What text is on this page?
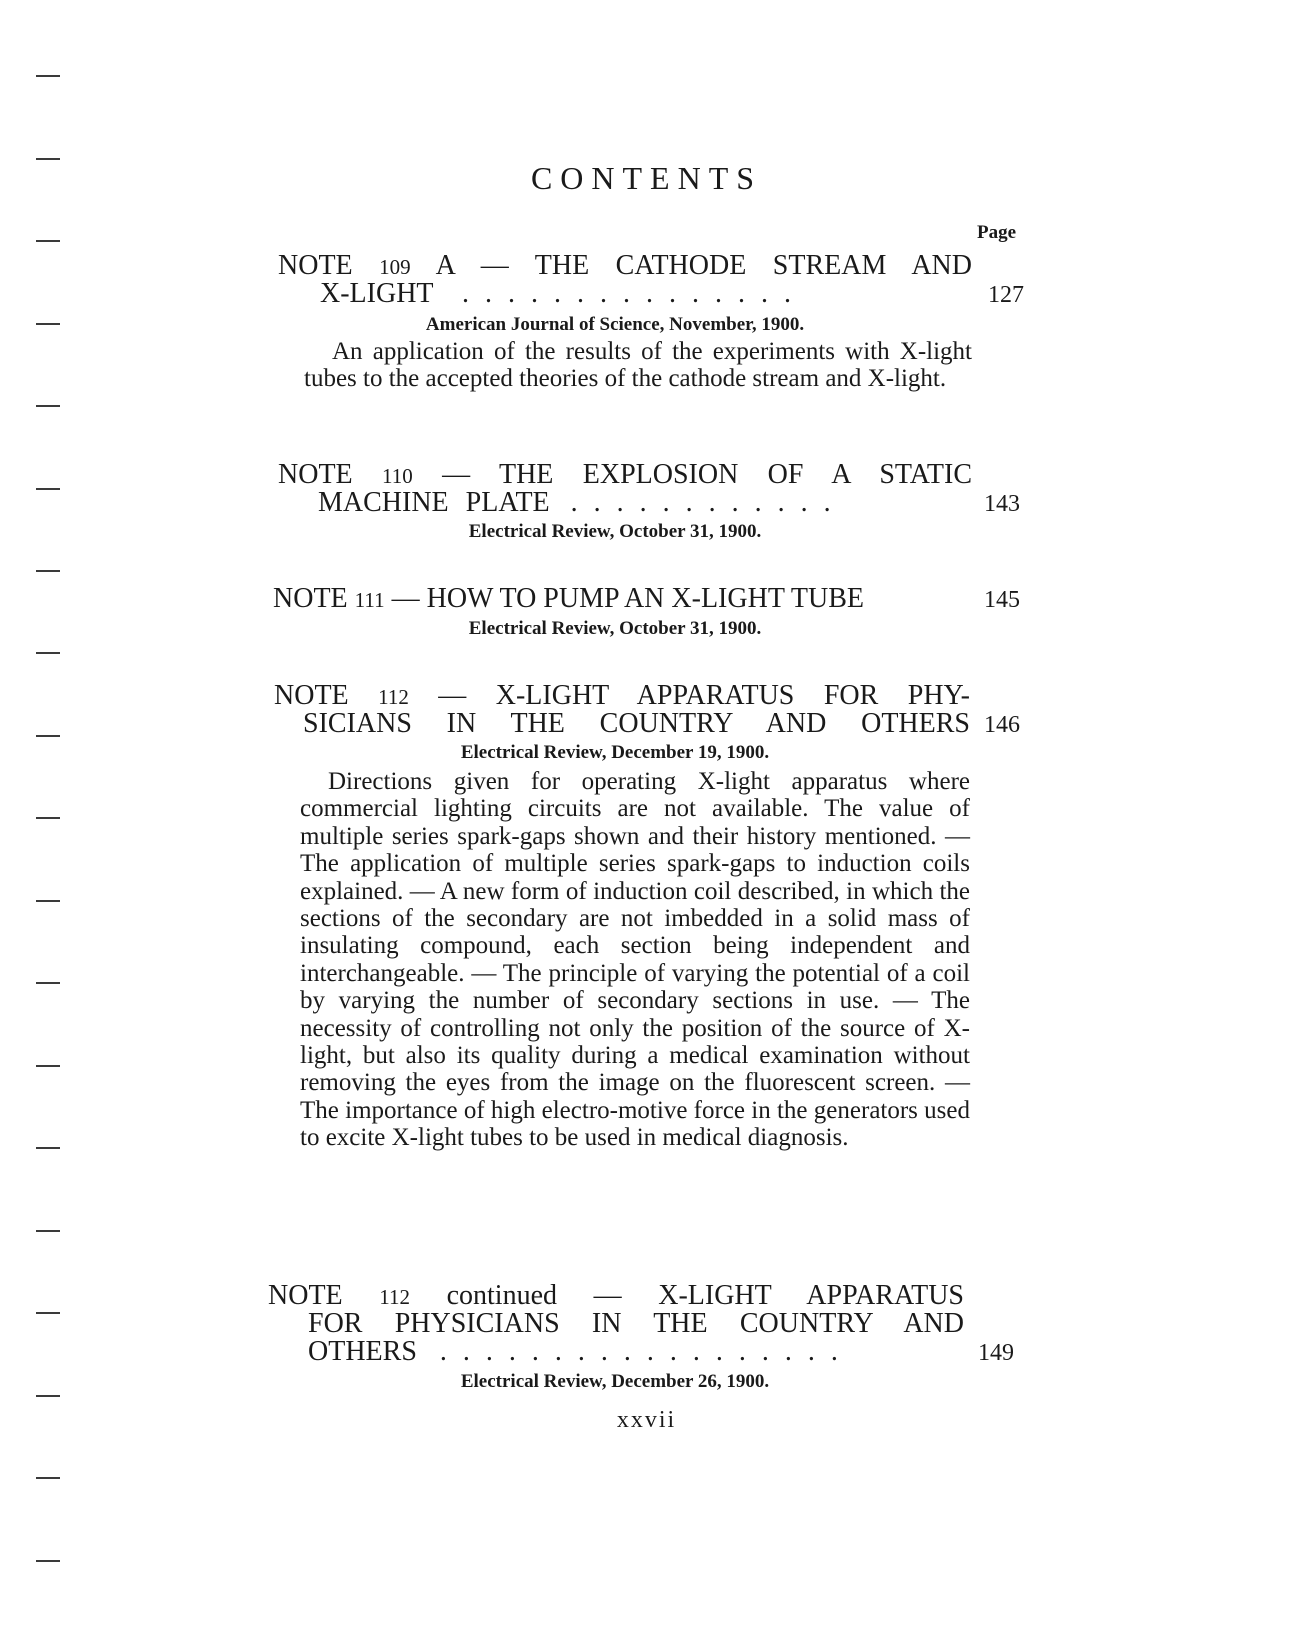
CONTENTS
Page
NOTE 109 A — THE CATHODE STREAM AND
X-LIGHT ...............	127
American Journal of Science, November, 1900.

An application of the results of the experiments with X-light tubes to the accepted theories of the cathode stream and X-light.

NOTE 110 — THE EXPLOSION OF A STATIC
MACHINE PLATE ............	143
Electrical Review, October 31, 1900.
NOTE 111 — HOW TO PUMP AN X-LIGHT TUBE	145
Electrical Review, October 31, 1900.
NOTE 112 — X-LIGHT APPARATUS FOR PHY-
SICIANS IN THE COUNTRY AND OTHERS 146
Electrical Review, December 19, 1900.

Directions given for operating X-light apparatus where commercial lighting circuits are not available. The value of multiple series spark-gaps shown and their history mentioned. — The application of multiple series spark-gaps to induction coils explained. — A new form of induction coil described, in which the sections of the secondary are not imbedded in a solid mass of insulating compound, each section being independent and interchangeable. — The principle of varying the potential of a coil by varying the number of secondary sections in use. — The necessity of controlling not only the position of the source of X-light, but also its quality during a medical examination without removing the eyes from the image on the fluorescent screen. — The importance of high electro-motive force in the generators used to excite X-light tubes to be used in medical diagnosis.

NOTE 112 continued — X-LIGHT APPARATUS
FOR PHYSICIANS IN THE COUNTRY AND
OTHERS ..................	149
Electrical Review, December 26, 1900.
xxvii
